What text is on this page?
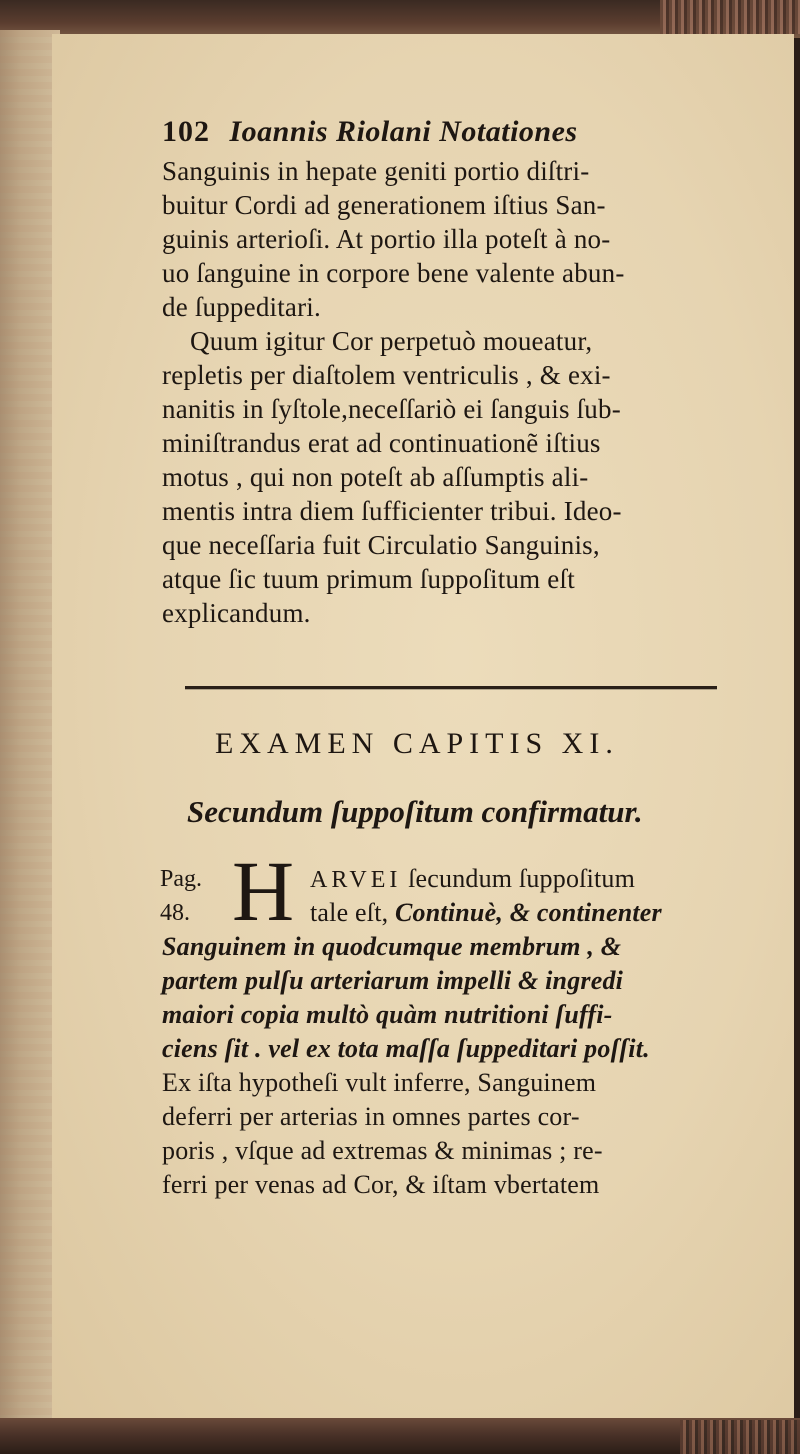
102 Ioannis Riolani Notationes
Sanguinis in hepate geniti portio diſtri-
buitur Cordi ad generationem iſtius San-
guinis arterioſi. At portio illa poteſt à no-
uo ſanguine in corpore bene valente abun-
de ſuppeditari.
Quum igitur Cor perpetuò moueatur,
repletis per diaſtolem ventriculis , & exi-
nanitis in ſyſtole,neceſſariò ei ſanguis ſub-
miniſtrandus erat ad continuationẽ iſtius
motus , qui non poteſt ab aſſumptis ali-
mentis intra diem ſufficienter tribui. Ideo-
que neceſſaria fuit Circulatio Sanguinis,
atque ſic tuum primum ſuppoſitum eſt
explicandum.
EXAMEN CAPITIS XI.
Secundum ſuppoſitum confirmatur.
Pag.
48. H ARVEI ſecundum ſuppoſitum
tale eſt, Continuè, & continenter
Sanguinem in quodcumque membrum , &
partem pulſu arteriarum impelli & ingredi
maiori copia multò quàm nutritioni ſuffi-
ciens ſit . vel ex tota maſſa ſuppeditari poſſit.
Ex iſta hypotheſi vult inferre, Sanguinem
deferri per arterias in omnes partes cor-
poris , vſque ad extremas & minimas ; re-
ferri per venas ad Cor, & iſtam vbertatem
